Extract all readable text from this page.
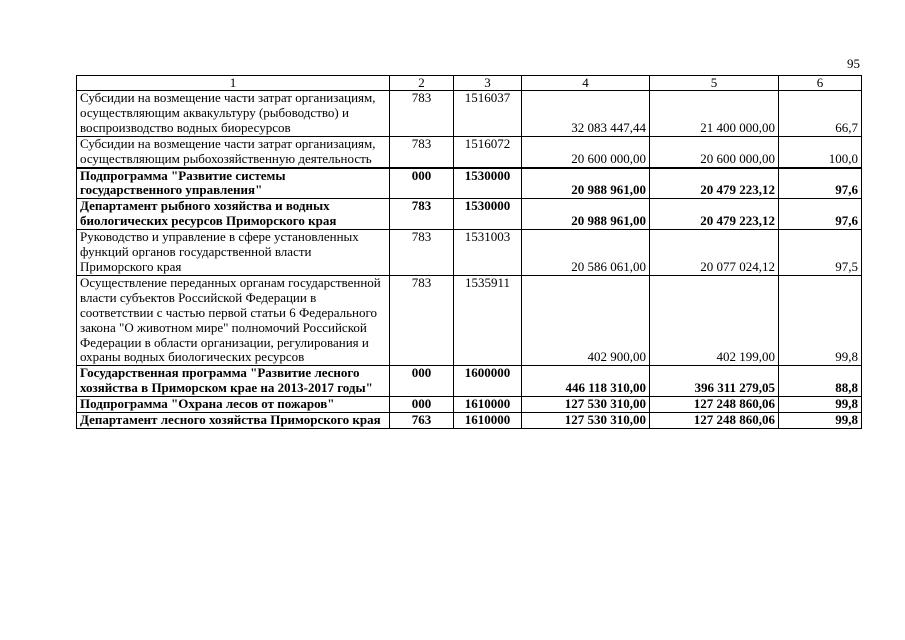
95
1	2	3	4	5	6
Субсидии на возмещение части затрат организациям, осуществляющим аквакультуру (рыбоводство) и воспроизводство водных биоресурсов	783	1516037	32 083 447,44	21 400 000,00	66,7
Субсидии на возмещение части затрат организациям, осуществляющим рыбохозяйственную деятельность	783	1516072	20 600 000,00	20 600 000,00	100,0
Подпрограмма "Развитие системы государственного управления"	000	1530000	20 988 961,00	20 479 223,12	97,6
Департамент рыбного хозяйства и водных биологических ресурсов Приморского края	783	1530000	20 988 961,00	20 479 223,12	97,6
Руководство и управление в сфере установленных функций органов государственной власти Приморского края	783	1531003	20 586 061,00	20 077 024,12	97,5
Осуществление переданных органам государственной власти субъектов Российской Федерации в соответствии с частью первой статьи 6 Федерального закона "О животном мире" полномочий Российской Федерации в области организации, регулирования и охраны водных биологических ресурсов	783	1535911	402 900,00	402 199,00	99,8
Государственная программа "Развитие лесного хозяйства в Приморском крае на 2013-2017 годы"	000	1600000	446 118 310,00	396 311 279,05	88,8
Подпрограмма "Охрана лесов от пожаров"	000	1610000	127 530 310,00	127 248 860,06	99,8
Департамент лесного хозяйства Приморского края	763	1610000	127 530 310,00	127 248 860,06	99,8
